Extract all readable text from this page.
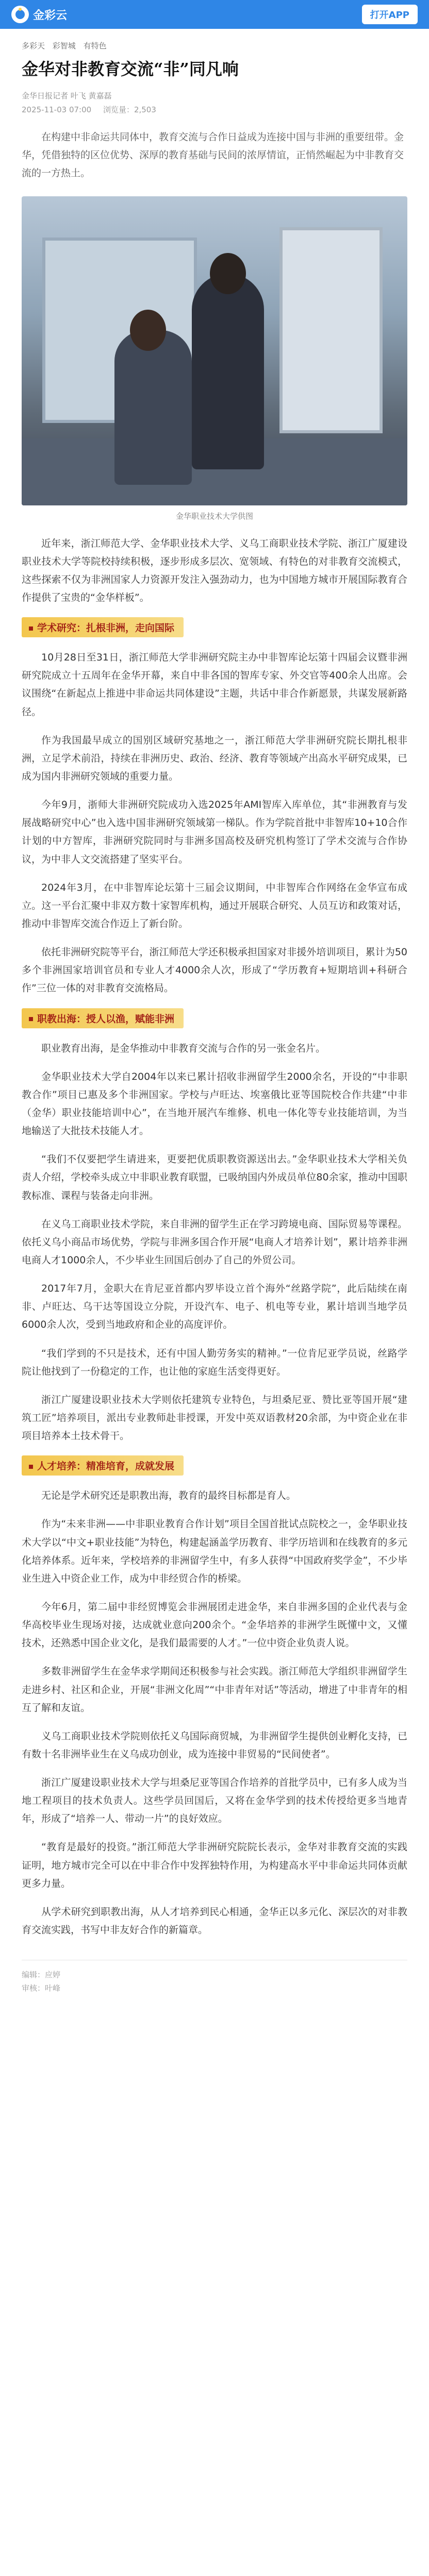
金彩云	打开APP
多彩天 彩智城 有特色
金华对非教育交流“非”同凡响
金华日报记者 叶飞 黄嘉磊
2025-11-03 07:00 浏览量：2,503

在构建中非命运共同体中，教育交流与合作日益成为连接中国与非洲的重要纽带。金华，凭借独特的区位优势、深厚的教育基础与民间的浓厚情谊，正悄然崛起为中非教育交流的一方热土。

金华职业技术大学供图

近年来，浙江师范大学、金华职业技术大学、义乌工商职业技术学院、浙江广厦建设职业技术大学等院校持续积极，逐步形成多层次、宽领域、有特色的对非教育交流模式，这些探索不仅为非洲国家人力资源开发注入强劲动力，也为中国地方城市开展国际教育合作提供了宝贵的“金华样板”。

学术研究：扎根非洲，走向国际

10月28日至31日，浙江师范大学非洲研究院主办中非智库论坛第十四届会议暨非洲研究院成立十五周年在金华开幕，来自中非各国的智库专家、外交官等400余人出席。会议围绕“在新起点上推进中非命运共同体建设”主题，共话中非合作新愿景，共谋发展新路径。

作为我国最早成立的国别区域研究基地之一，浙江师范大学非洲研究院长期扎根非洲，立足学术前沿，持续在非洲历史、政治、经济、教育等领域产出高水平研究成果，已成为国内非洲研究领域的重要力量。

今年9月，浙师大非洲研究院成功入选2025年AMI智库入库单位，其“非洲教育与发展战略研究中心”也入选中国非洲研究领域第一梯队。作为学院首批中非智库10+10合作计划的中方智库，非洲研究院同时与非洲多国高校及研究机构签订了学术交流与合作协议，为中非人文交流搭建了坚实平台。

2024年3月，在中非智库论坛第十三届会议期间，中非智库合作网络在金华宣布成立。这一平台汇聚中非双方数十家智库机构，通过开展联合研究、人员互访和政策对话，推动中非智库交流合作迈上了新台阶。

依托非洲研究院等平台，浙江师范大学还积极承担国家对非援外培训项目，累计为50多个非洲国家培训官员和专业人才4000余人次，形成了“学历教育+短期培训+科研合作”三位一体的对非教育交流格局。

职教出海：授人以渔，赋能非洲

职业教育出海，是金华推动中非教育交流与合作的另一张金名片。

金华职业技术大学自2004年以来已累计招收非洲留学生2000余名，开设的“中非职教合作”项目已惠及多个非洲国家。学校与卢旺达、埃塞俄比亚等国院校合作共建“中非（金华）职业技能培训中心”，在当地开展汽车维修、机电一体化等专业技能培训，为当地输送了大批技术技能人才。

“我们不仅要把学生请进来，更要把优质职教资源送出去。”金华职业技术大学相关负责人介绍，学校牵头成立中非职业教育联盟，已吸纳国内外成员单位80余家，推动中国职教标准、课程与装备走向非洲。

在义乌工商职业技术学院，来自非洲的留学生正在学习跨境电商、国际贸易等课程。依托义乌小商品市场优势，学院与非洲多国合作开展“电商人才培养计划”，累计培养非洲电商人才1000余人，不少毕业生回国后创办了自己的外贸公司。

2017年7月，金职大在肯尼亚首都内罗毕设立首个海外“丝路学院”，此后陆续在南非、卢旺达、乌干达等国设立分院，开设汽车、电子、机电等专业，累计培训当地学员6000余人次，受到当地政府和企业的高度评价。

“我们学到的不只是技术，还有中国人勤劳务实的精神。”一位肯尼亚学员说，丝路学院让他找到了一份稳定的工作，也让他的家庭生活变得更好。

浙江广厦建设职业技术大学则依托建筑专业特色，与坦桑尼亚、赞比亚等国开展“建筑工匠”培养项目，派出专业教师赴非授课，开发中英双语教材20余部，为中资企业在非项目培养本土技术骨干。

人才培养：精准培育，成就发展

无论是学术研究还是职教出海，教育的最终目标都是育人。

作为“未来非洲——中非职业教育合作计划”项目全国首批试点院校之一，金华职业技术大学以“中文+职业技能”为特色，构建起涵盖学历教育、非学历培训和在线教育的多元化培养体系。近年来，学校培养的非洲留学生中，有多人获得“中国政府奖学金”，不少毕业生进入中资企业工作，成为中非经贸合作的桥梁。

今年6月，第二届中非经贸博览会非洲展团走进金华，来自非洲多国的企业代表与金华高校毕业生现场对接，达成就业意向200余个。“金华培养的非洲学生既懂中文，又懂技术，还熟悉中国企业文化，是我们最需要的人才。”一位中资企业负责人说。

多数非洲留学生在金华求学期间还积极参与社会实践。浙江师范大学组织非洲留学生走进乡村、社区和企业，开展“非洲文化周”“中非青年对话”等活动，增进了中非青年的相互了解和友谊。

义乌工商职业技术学院则依托义乌国际商贸城，为非洲留学生提供创业孵化支持，已有数十名非洲毕业生在义乌成功创业，成为连接中非贸易的“民间使者”。

浙江广厦建设职业技术大学与坦桑尼亚等国合作培养的首批学员中，已有多人成为当地工程项目的技术负责人。这些学员回国后，又将在金华学到的技术传授给更多当地青年，形成了“培养一人、带动一片”的良好效应。

“教育是最好的投资。”浙江师范大学非洲研究院院长表示，金华对非教育交流的实践证明，地方城市完全可以在中非合作中发挥独特作用，为构建高水平中非命运共同体贡献更多力量。

从学术研究到职教出海，从人才培养到民心相通，金华正以多元化、深层次的对非教育交流实践，书写中非友好合作的新篇章。

编辑：应婷
审核：叶峰
